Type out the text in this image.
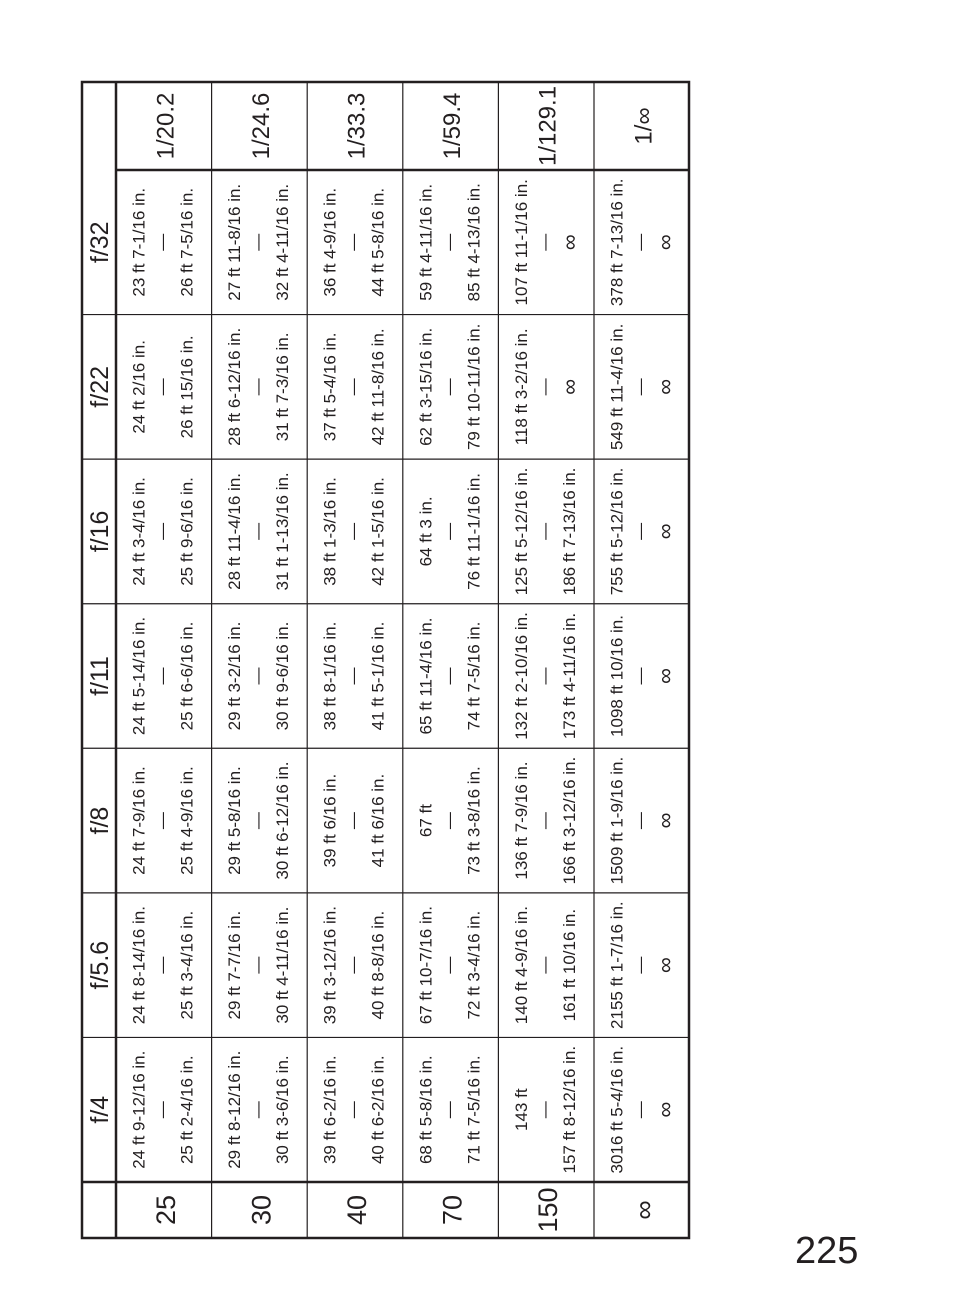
f/4
f/5.6
f/8
f/11
f/16
f/22
f/32
25
1/20.2
24 ft 9-12/16 in. — 25 ft 2-4/16 in.
24 ft 8-14/16 in. — 25 ft 3-4/16 in.
24 ft 7-9/16 in. — 25 ft 4-9/16 in.
24 ft 5-14/16 in. — 25 ft 6-6/16 in.
24 ft 3-4/16 in. — 25 ft 9-6/16 in.
24 ft 2/16 in. — 26 ft 15/16 in.
23 ft 7-1/16 in. — 26 ft 7-5/16 in.
30
1/24.6
29 ft 8-12/16 in. — 30 ft 3-6/16 in.
29 ft 7-7/16 in. — 30 ft 4-11/16 in.
29 ft 5-8/16 in. — 30 ft 6-12/16 in.
29 ft 3-2/16 in. — 30 ft 9-6/16 in.
28 ft 11-4/16 in. — 31 ft 1-13/16 in.
28 ft 6-12/16 in. — 31 ft 7-3/16 in.
27 ft 11-8/16 in. — 32 ft 4-11/16 in.
40
1/33.3
39 ft 6-2/16 in. — 40 ft 6-2/16 in.
39 ft 3-12/16 in. — 40 ft 8-8/16 in.
39 ft 6/16 in. — 41 ft 6/16 in.
38 ft 8-1/16 in. — 41 ft 5-1/16 in.
38 ft 1-3/16 in. — 42 ft 1-5/16 in.
37 ft 5-4/16 in. — 42 ft 11-8/16 in.
36 ft 4-9/16 in. — 44 ft 5-8/16 in.
70
1/59.4
68 ft 5-8/16 in. — 71 ft 7-5/16 in.
67 ft 10-7/16 in. — 72 ft 3-4/16 in.
67 ft — 73 ft 3-8/16 in.
65 ft 11-4/16 in. — 74 ft 7-5/16 in.
64 ft 3 in. — 76 ft 11-1/16 in.
62 ft 3-15/16 in. — 79 ft 10-11/16 in.
59 ft 4-11/16 in. — 85 ft 4-13/16 in.
150
1/129.1
143 ft — 157 ft 8-12/16 in.
140 ft 4-9/16 in. — 161 ft 10/16 in.
136 ft 7-9/16 in. — 166 ft 3-12/16 in.
132 ft 2-10/16 in. — 173 ft 4-11/16 in.
125 ft 5-12/16 in. — 186 ft 7-13/16 in.
118 ft 3-2/16 in. — ∞
107 ft 11-1/16 in. — ∞
∞
1/∞
3016 ft 5-4/16 in. — ∞
2155 ft 1-7/16 in. — ∞
1509 ft 1-9/16 in. — ∞
1098 ft 10/16 in. — ∞
755 ft 5-12/16 in. — ∞
549 ft 11-4/16 in. — ∞
378 ft 7-13/16 in. — ∞
225
